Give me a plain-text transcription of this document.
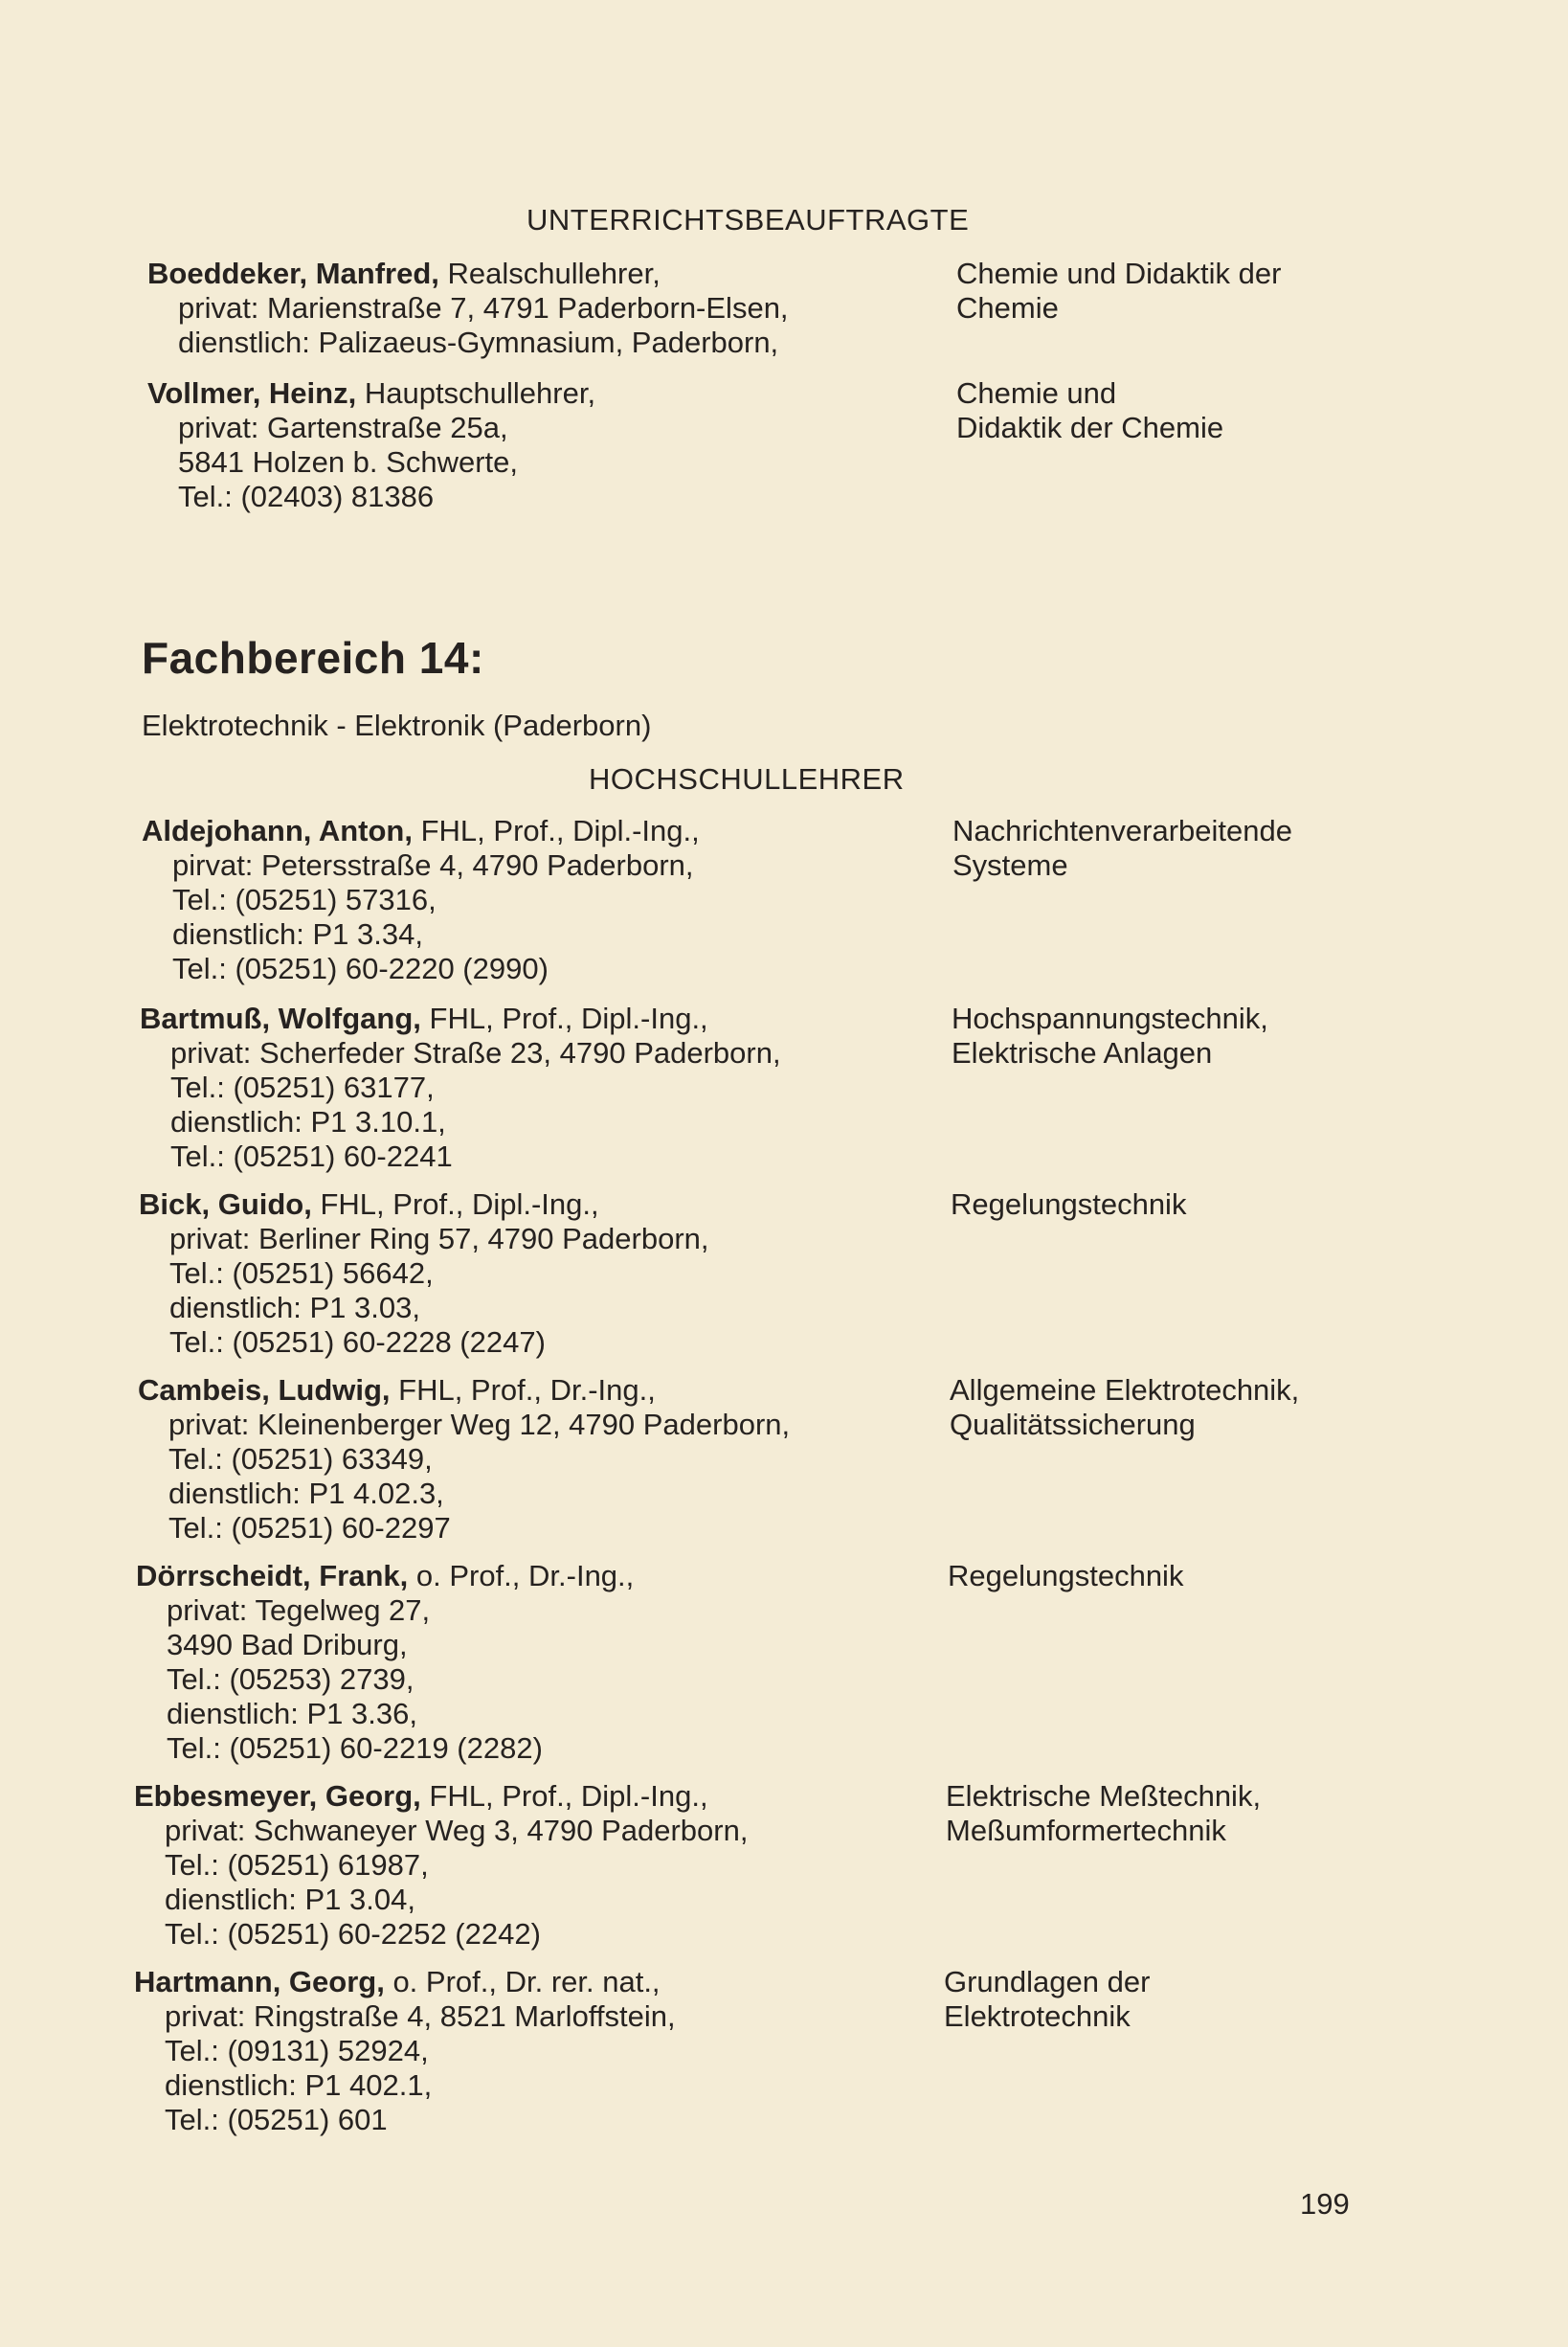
UNTERRICHTSBEAUFTRAGTE
Boeddeker, Manfred, Realschullehrer,
privat: Marienstraße 7, 4791 Paderborn-Elsen,
dienstlich: Palizaeus-Gymnasium, Paderborn,
Chemie und Didaktik der
Chemie
Vollmer, Heinz, Hauptschullehrer,
privat: Gartenstraße 25a,
5841 Holzen b. Schwerte,
Tel.: (02403) 81386
Chemie und
Didaktik der Chemie
Fachbereich 14:
Elektrotechnik - Elektronik (Paderborn)
HOCHSCHULLEHRER
Aldejohann, Anton, FHL, Prof., Dipl.-Ing.,
pirvat: Petersstraße 4, 4790 Paderborn,
Tel.: (05251) 57316,
dienstlich: P1 3.34,
Tel.: (05251) 60-2220 (2990)
Nachrichtenverarbeitende
Systeme
Bartmuß, Wolfgang, FHL, Prof., Dipl.-Ing.,
privat: Scherfeder Straße 23, 4790 Paderborn,
Tel.: (05251) 63177,
dienstlich: P1 3.10.1,
Tel.: (05251) 60-2241
Hochspannungstechnik,
Elektrische Anlagen
Bick, Guido, FHL, Prof., Dipl.-Ing.,
privat: Berliner Ring 57, 4790 Paderborn,
Tel.: (05251) 56642,
dienstlich: P1 3.03,
Tel.: (05251) 60-2228 (2247)
Regelungstechnik
Cambeis, Ludwig, FHL, Prof., Dr.-Ing.,
privat: Kleinenberger Weg 12, 4790 Paderborn,
Tel.: (05251) 63349,
dienstlich: P1 4.02.3,
Tel.: (05251) 60-2297
Allgemeine Elektrotechnik,
Qualitätssicherung
Dörrscheidt, Frank, o. Prof., Dr.-Ing.,
privat: Tegelweg 27,
3490 Bad Driburg,
Tel.: (05253) 2739,
dienstlich: P1 3.36,
Tel.: (05251) 60-2219 (2282)
Regelungstechnik
Ebbesmeyer, Georg, FHL, Prof., Dipl.-Ing.,
privat: Schwaneyer Weg 3, 4790 Paderborn,
Tel.: (05251) 61987,
dienstlich: P1 3.04,
Tel.: (05251) 60-2252 (2242)
Elektrische Meßtechnik,
Meßumformertechnik
Hartmann, Georg, o. Prof., Dr. rer. nat.,
privat: Ringstraße 4, 8521 Marloffstein,
Tel.: (09131) 52924,
dienstlich: P1 402.1,
Tel.: (05251) 601
Grundlagen der
Elektrotechnik
199
